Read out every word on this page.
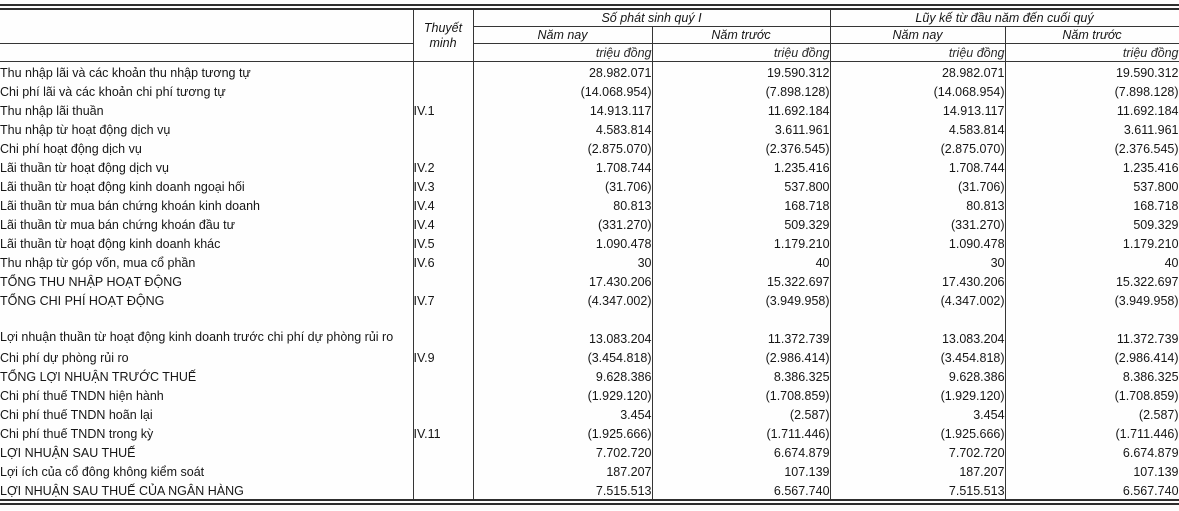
	Thuyết minh	Số phát sinh quý I		Lũy kế từ đầu năm đến cuối quý	
		Năm nay	Năm trước	Năm nay	Năm trước
		triệu đồng	triệu đồng	triệu đồng	triệu đồng
Thu nhập lãi và các khoản thu nhập tương tự		28.982.071	19.590.312	28.982.071	19.590.312
Chi phí lãi và các khoản chi phí tương tự		(14.068.954)	(7.898.128)	(14.068.954)	(7.898.128)
Thu nhập lãi thuần	IV.1	14.913.117	11.692.184	14.913.117	11.692.184
Thu nhập từ hoạt động dịch vụ		4.583.814	3.611.961	4.583.814	3.611.961
Chi phí hoạt động dịch vụ		(2.875.070)	(2.376.545)	(2.875.070)	(2.376.545)
Lãi thuần từ hoạt động dịch vụ	IV.2	1.708.744	1.235.416	1.708.744	1.235.416
Lãi thuần từ hoạt động kinh doanh ngoại hối	IV.3	(31.706)	537.800	(31.706)	537.800
Lãi thuần từ mua bán chứng khoán kinh doanh	IV.4	80.813	168.718	80.813	168.718
Lãi thuần từ mua bán chứng khoán đầu tư	IV.4	(331.270)	509.329	(331.270)	509.329
Lãi thuần từ hoạt động kinh doanh khác	IV.5	1.090.478	1.179.210	1.090.478	1.179.210
Thu nhập từ góp vốn, mua cổ phần	IV.6	30	40	30	40
TỔNG THU NHẬP HOẠT ĐỘNG		17.430.206	15.322.697	17.430.206	15.322.697
TỔNG CHI PHÍ HOẠT ĐỘNG	IV.7	(4.347.002)	(3.949.958)	(4.347.002)	(3.949.958)
Lợi nhuận thuần từ hoạt động kinh doanh trước chi phí dự phòng rủi ro		13.083.204	11.372.739	13.083.204	11.372.739
Chi phí dự phòng rủi ro	IV.9	(3.454.818)	(2.986.414)	(3.454.818)	(2.986.414)
TỔNG LỢI NHUẬN TRƯỚC THUẾ		9.628.386	8.386.325	9.628.386	8.386.325
Chi phí thuế TNDN hiện hành		(1.929.120)	(1.708.859)	(1.929.120)	(1.708.859)
Chi phí thuế TNDN hoãn lại		3.454	(2.587)	3.454	(2.587)
Chi phí thuế TNDN trong kỳ	IV.11	(1.925.666)	(1.711.446)	(1.925.666)	(1.711.446)
LỢI NHUẬN SAU THUẾ		7.702.720	6.674.879	7.702.720	6.674.879
Lợi ích của cổ đông không kiểm soát		187.207	107.139	187.207	107.139
LỢI NHUẬN SAU THUẾ CỦA NGÂN HÀNG		7.515.513	6.567.740	7.515.513	6.567.740
